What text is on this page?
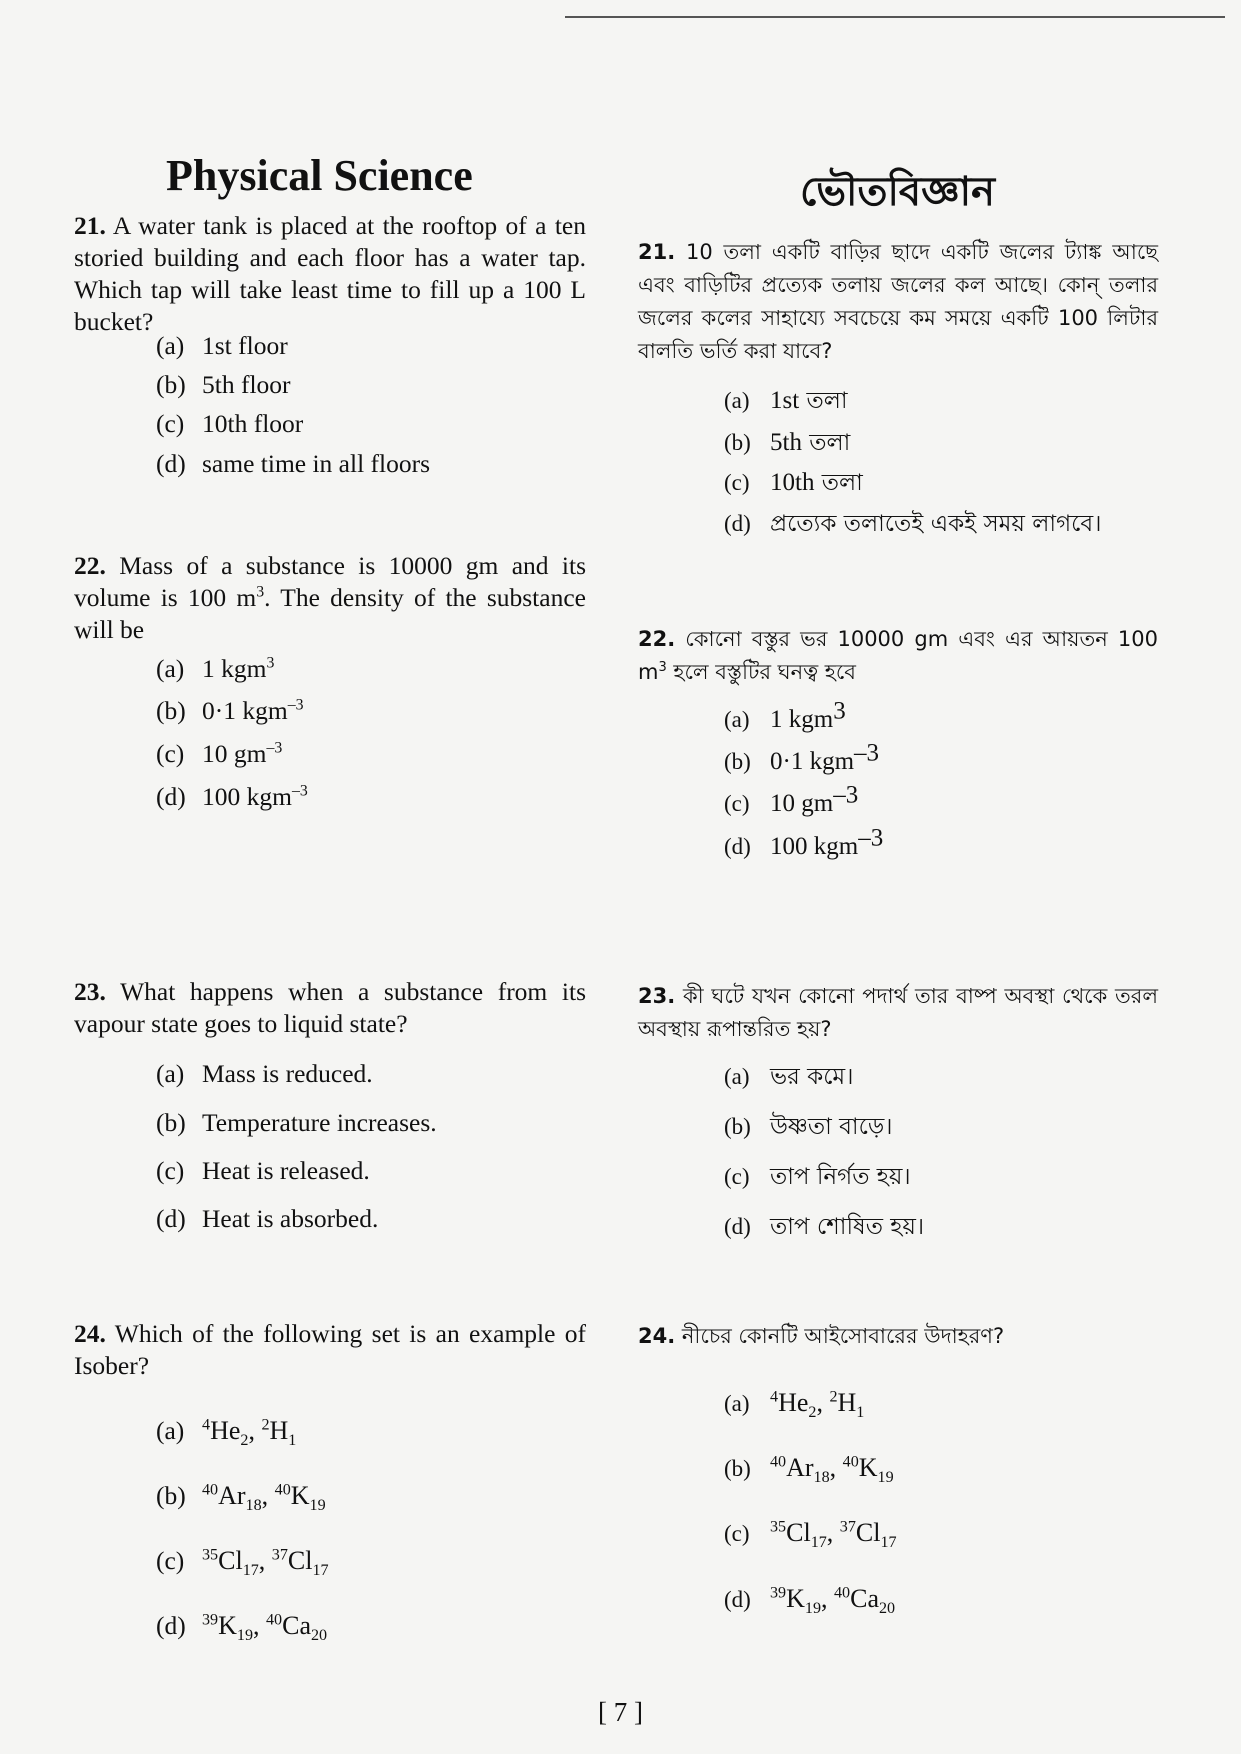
Physical Science	ভৌতবিজ্ঞান
21. A water tank is placed at the rooftop of a ten storied building and each floor has a water tap. Which tap will take least time to fill up a 100 L bucket?
(a) 1st floor
(b) 5th floor
(c) 10th floor
(d) same time in all floors
22. Mass of a substance is 10000 gm and its volume is 100 $m^3$. The density of the substance will be
(a) 1 kgm$^3$
(b) 0·1 kgm$^{-3}$
(c) 10 $gm^{-3}$
(d) 100 kgm$^{-3}$
23. What happens when a substance from its vapour state goes to liquid state?
(a) Mass is reduced.
(b) Temperature increases.
(c) Heat is released.
(d) Heat is absorbed.
24. Which of the following set is an example of Isober?
(a) $^4He_2$, $^2H_1$
(b) $^{40}Ar_{18}$, $^{40}K_{19}$
(c) $^{35}Cl_{17}$, $^{37}Cl_{17}$
(d) $^{39}K_{19}$, $^{40}Ca_{20}$
21. 10 তলা একটি বাড়ির ছাদে একটি জলের ট্যাঙ্ক আছে এবং বাড়িটির প্রত্যেক তলায় জলের কল আছে। কোন্ তলার জলের কলের সাহায্যে সবচেয়ে কম সময়ে একটি 100 লিটার বালতি ভর্তি করা যাবে?
(a) 1st তলা
(b) 5th তলা
(c) 10th তলা
(d) প্রত্যেক তলাতেই একই সময় লাগবে।
22. কোনো বস্তুর ভর 10000 gm এবং এর আয়তন 100 $m^3$ হলে বস্তুটির ঘনত্ব হবে
(a) 1 kgm$^3$
(b) 0·1 kgm$^{-3}$
(c) 10 $gm^{-3}$
(d) 100 kgm$^{-3}$
23. কী ঘটে যখন কোনো পদার্থ তার বাষ্প অবস্থা থেকে তরল অবস্থায় রূপান্তরিত হয়?
(a) ভর কমে।
(b) উষ্ণতা বাড়ে।
(c) তাপ নির্গত হয়।
(d) তাপ শোষিত হয়।
24. নীচের কোনটি আইসোবারের উদাহরণ?
(a) $^4He_2$, $^2H_1$
(b) $^{40}Ar_{18}$, $^{40}K_{19}$
(c) $^{35}Cl_{17}$, $^{37}Cl_{17}$
(d) $^{39}K_{19}$, $^{40}Ca_{20}$
[ 7 ]
